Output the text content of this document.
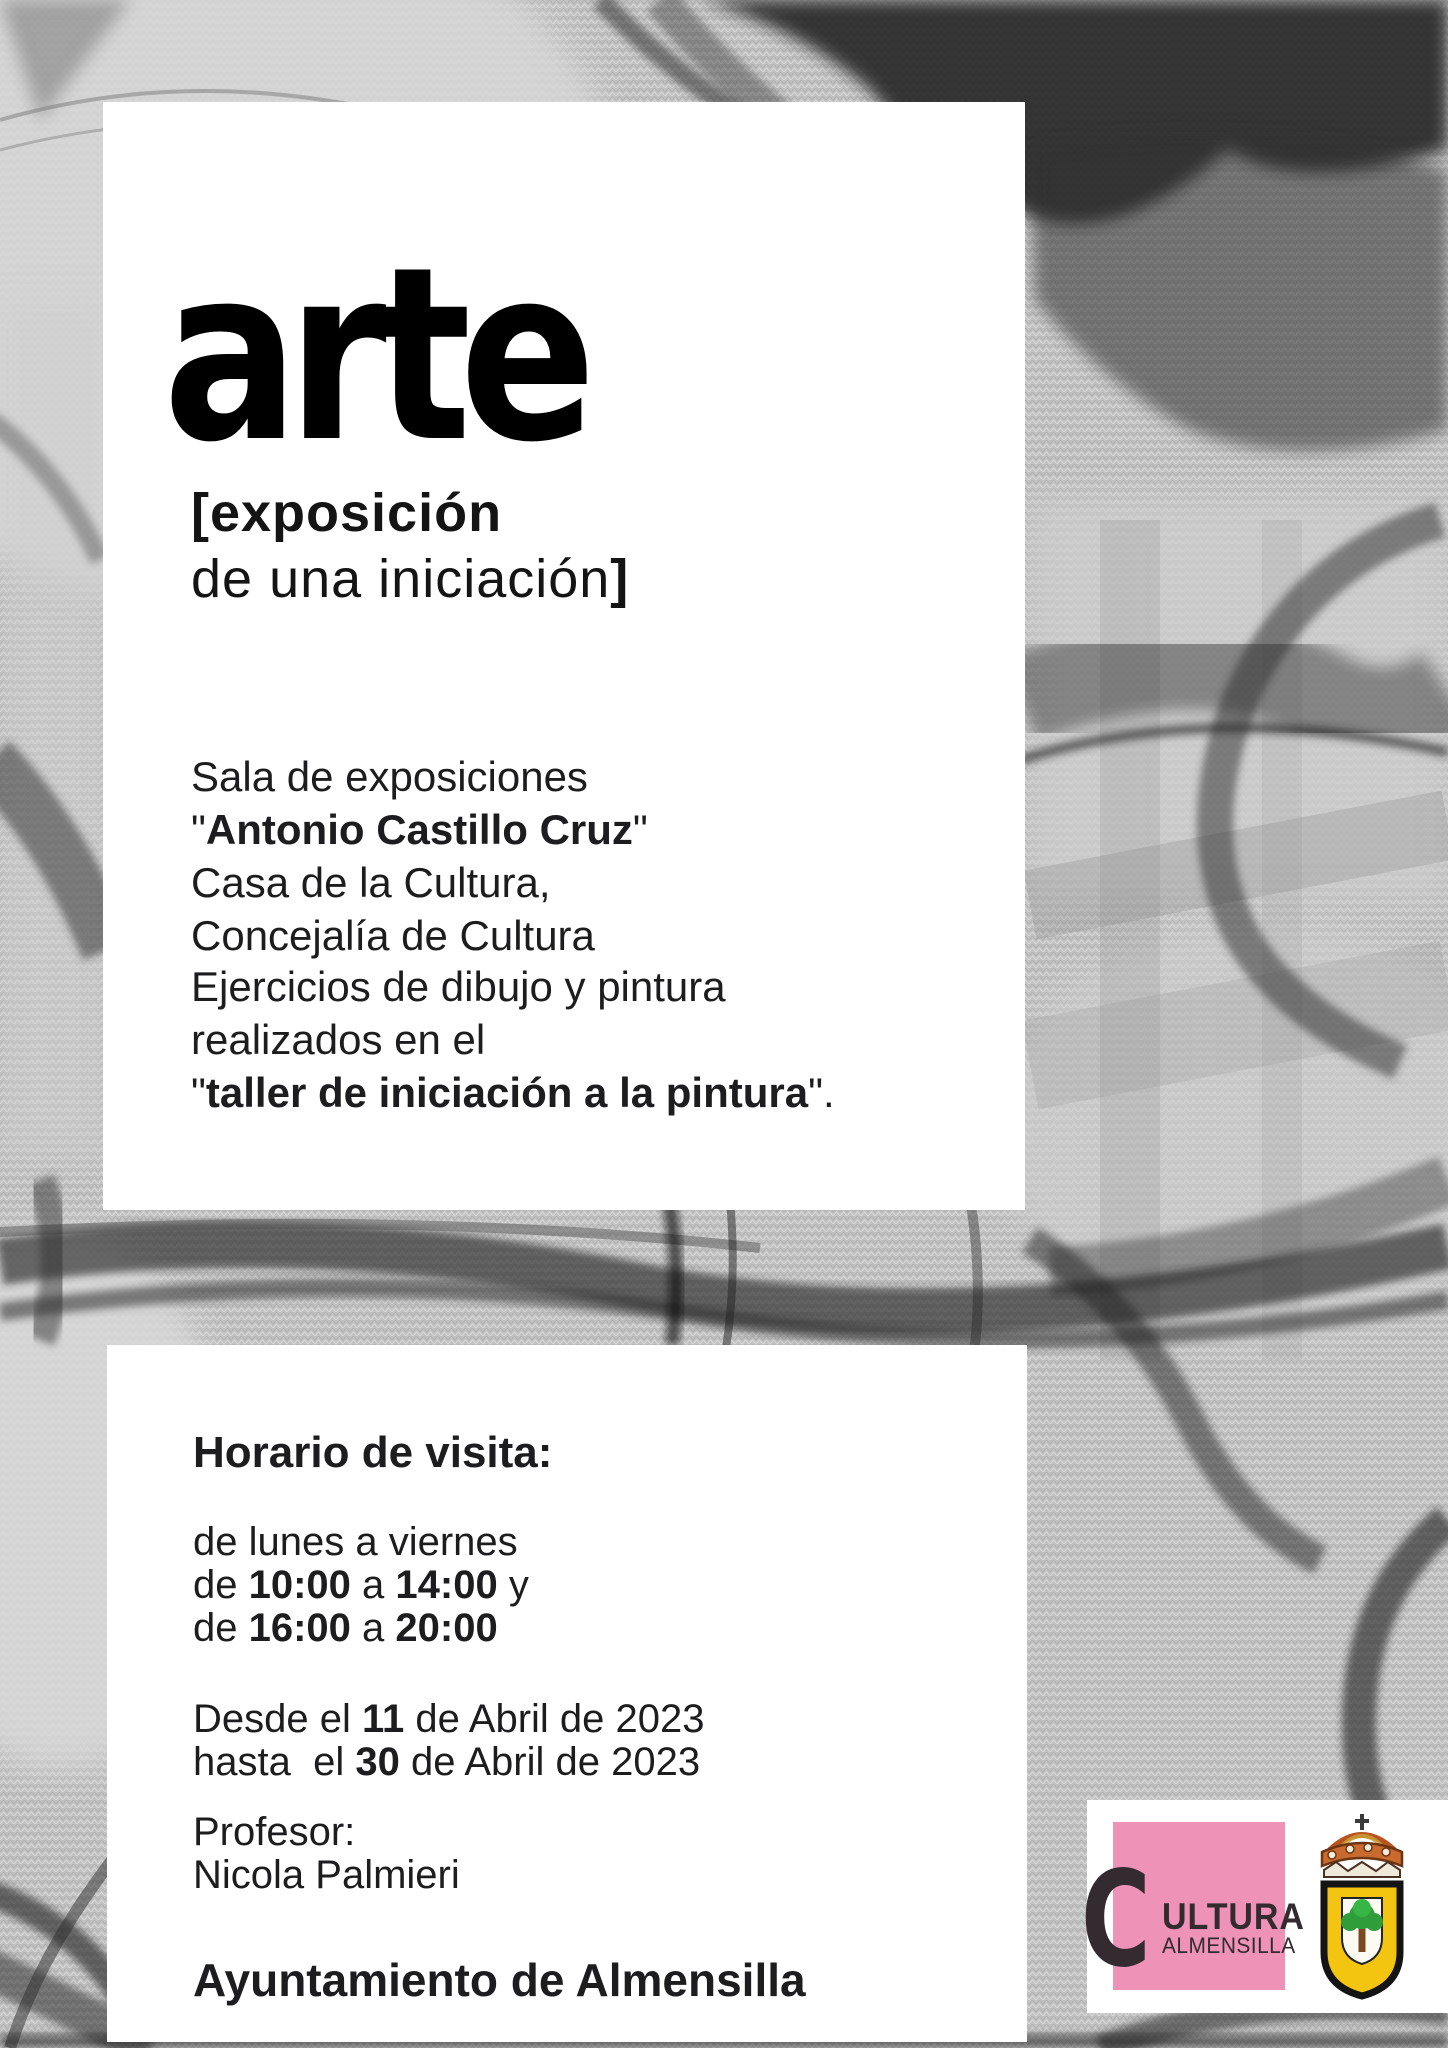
arte
[exposición
de una iniciación]
Sala de exposiciones
"Antonio Castillo Cruz"
Casa de la Cultura,
Concejalía de Cultura
Ejercicios de dibujo y pintura
realizados en el
"taller de iniciación a la pintura".
Horario de visita:
de lunes a viernes
de 10:00 a 14:00 y
de 16:00 a 20:00
Desde el 11 de Abril de 2023
hasta  el 30 de Abril de 2023
Profesor:
Nicola Palmieri
Ayuntamiento de Almensilla C ULTURA
ALMENSILLA
